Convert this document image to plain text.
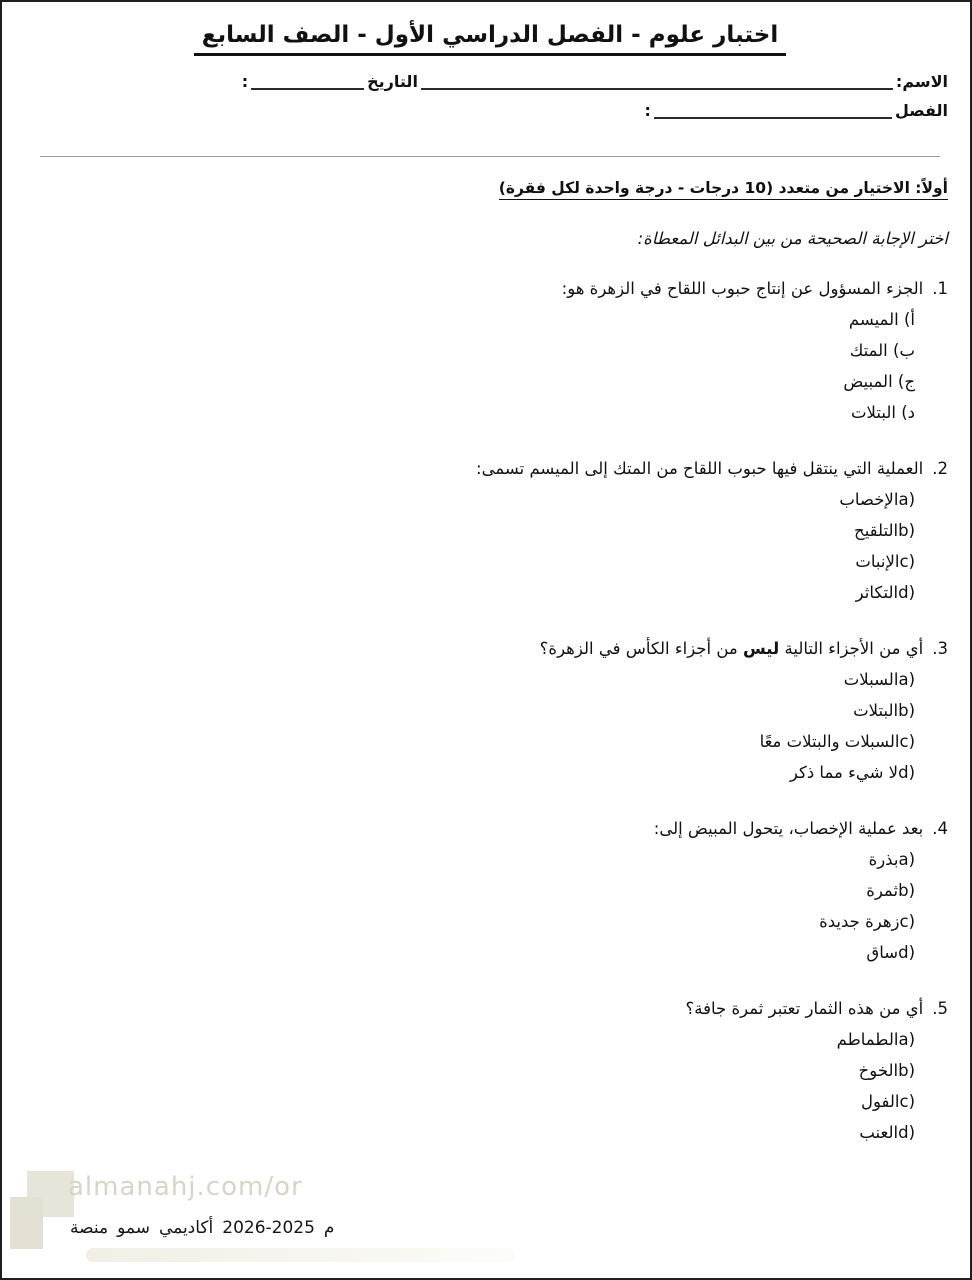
اختبار علوم - الفصل الدراسي الأول - الصف السابع
:	التاريخ	الاسم:
:	الفصل
أولاً: الاختيار من متعدد (10 درجات - درجة واحدة لكل فقرة)
اختر الإجابة الصحيحة من بين البدائل المعطاة:
1.الجزء المسؤول عن إنتاج حبوب اللقاح في الزهرة هو:
أ) الميسم
ب) المتك
ج) المبيض
د) البتلات
2.العملية التي ينتقل فيها حبوب اللقاح من المتك إلى الميسم تسمى:
(aالإخصاب
(bالتلقيح
(cالإنبات
(dالتكاثر
3.أي من الأجزاء التالية ليس من أجزاء الكأس في الزهرة؟
(aالسبلات
(bالبتلات
(cالسبلات والبتلات معًا
(dلا شيء مما ذكر
4.بعد عملية الإخصاب، يتحول المبيض إلى:
(aبذرة
(bثمرة
(cزهرة جديدة
(dساق
5.أي من هذه الثمار تعتبر ثمرة جافة؟
(aالطماطم
(bالخوخ
(cالفول
(dالعنب
almanahj.com/or
منصة سمو أكاديمي 2026-2025 م
